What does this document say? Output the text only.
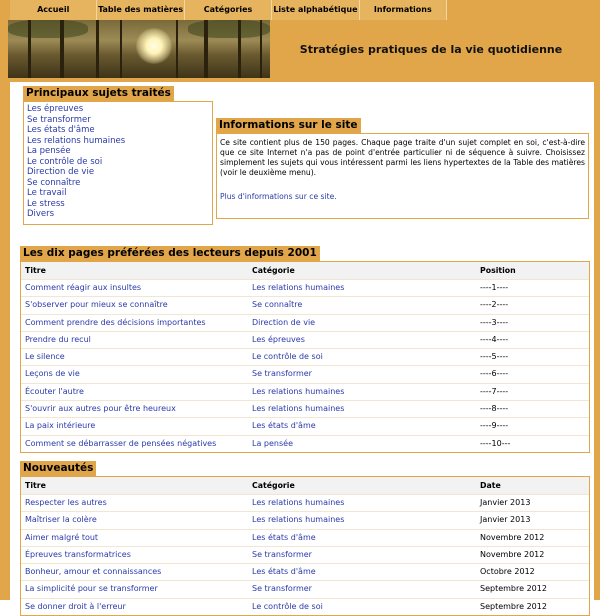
Accueil	Table des matières	Catégories	Liste alphabétique	Informations
Stratégies pratiques de la vie quotidienne
Principaux sujets traités
Les épreuves
Se transformer
Les états d'âme
Les relations humaines
La pensée
Le contrôle de soi
Direction de vie
Se connaître
Le travail
Le stress
Divers
Informations sur le site
Ce site contient plus de 150 pages. Chaque page traite d'un sujet complet en soi, c'est-à-dire que ce site Internet n'a pas de point d'entrée particulier ni de séquence à suivre. Choisissez simplement les sujets qui vous intéressent parmi les liens hypertextes de la Table des matières (voir le deuxième menu).
Plus d'informations sur ce site.
Les dix pages préférées des lecteurs depuis 2001
Titre	Catégorie	Position
Comment réagir aux insultes	Les relations humaines	----1----
S'observer pour mieux se connaître	Se connaître	----2----
Comment prendre des décisions importantes	Direction de vie	----3----
Prendre du recul	Les épreuves	----4----
Le silence	Le contrôle de soi	----5----
Leçons de vie	Se transformer	----6----
Écouter l'autre	Les relations humaines	----7----
S'ouvrir aux autres pour être heureux	Les relations humaines	----8----
La paix intérieure	Les états d'âme	----9----
Comment se débarrasser de pensées négatives	La pensée	----10---
Nouveautés
Titre	Catégorie	Date
Respecter les autres	Les relations humaines	Janvier 2013
Maîtriser la colère	Les relations humaines	Janvier 2013
Aimer malgré tout	Les états d'âme	Novembre 2012
Épreuves transformatrices	Se transformer	Novembre 2012
Bonheur, amour et connaissances	Les états d'âme	Octobre 2012
La simplicité pour se transformer	Se transformer	Septembre 2012
Se donner droit à l'erreur	Le contrôle de soi	Septembre 2012
